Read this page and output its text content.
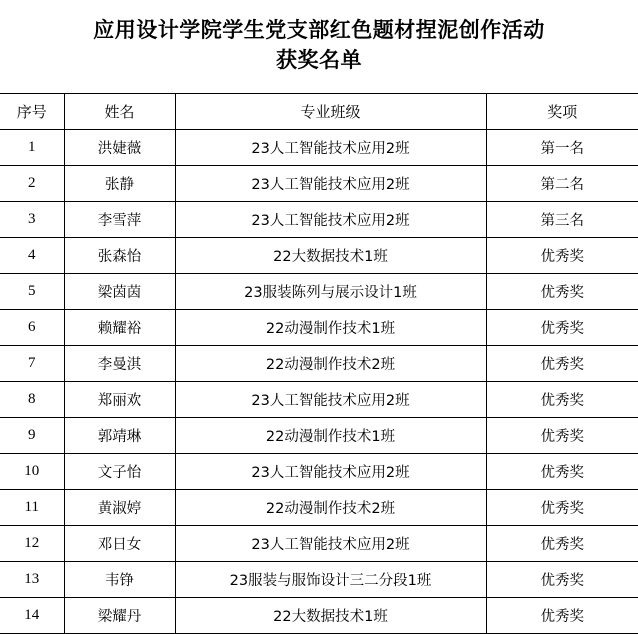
应用设计学院学生党支部红色题材捏泥创作活动
获奖名单
序号	姓名	专业班级	奖项
1	洪婕薇	23人工智能技术应用2班	第一名
2	张静	23人工智能技术应用2班	第二名
3	李雪萍	23人工智能技术应用2班	第三名
4	张森怡	22大数据技术1班	优秀奖
5	梁茵茵	23服装陈列与展示设计1班	优秀奖
6	赖耀裕	22动漫制作技术1班	优秀奖
7	李曼淇	22动漫制作技术2班	优秀奖
8	郑丽欢	23人工智能技术应用2班	优秀奖
9	郭靖琳	22动漫制作技术1班	优秀奖
10	文子怡	23人工智能技术应用2班	优秀奖
11	黄淑婷	22动漫制作技术2班	优秀奖
12	邓日女	23人工智能技术应用2班	优秀奖
13	韦铮	23服装与服饰设计三二分段1班	优秀奖
14	梁耀丹	22大数据技术1班	优秀奖
